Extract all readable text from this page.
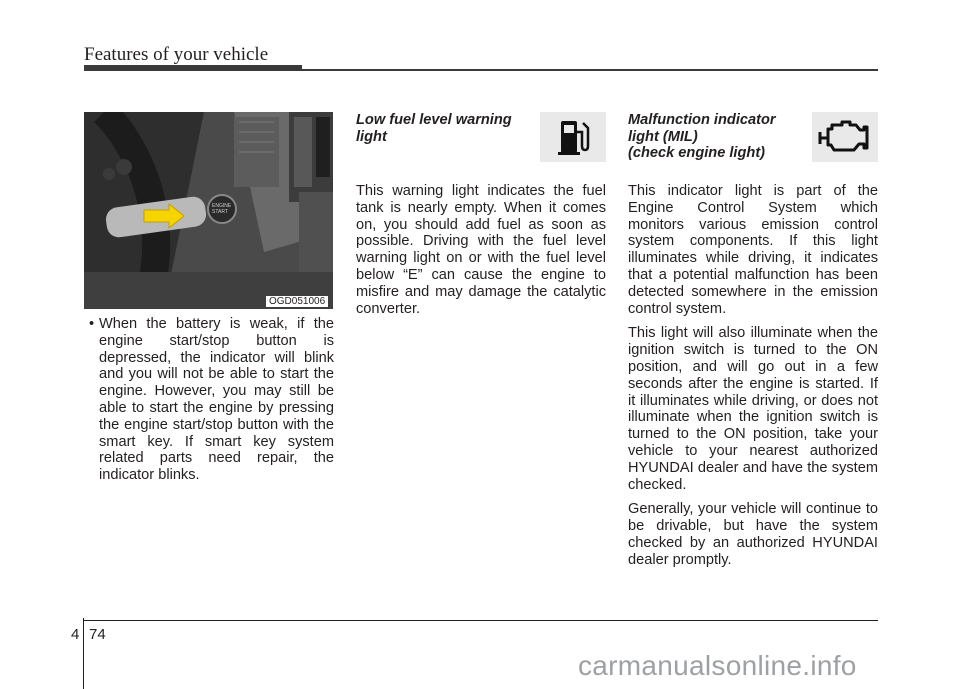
Features of your vehicle
ENGINE
START
OGD051006
• When the battery is weak, if the engine start/stop button is depressed, the indicator will blink and you will not be able to start the engine. However, you may still be able to start the engine by pressing the engine start/stop button with the smart key. If smart key system related parts need repair, the indicator blinks.
Low fuel level warning
light

This warning light indicates the fuel tank is nearly empty. When it comes on, you should add fuel as soon as possible. Driving with the fuel level warning light on or with the fuel level below “E” can cause the engine to misfire and may damage the catalytic converter.

Malfunction indicator
light (MIL)
(check engine light)

This indicator light is part of the Engine Control System which monitors various emission control system components. If this light illuminates while driving, it indicates that a potential malfunction has been detected somewhere in the emission control system.

This light will also illuminate when the ignition switch is turned to the ON position, and will go out in a few seconds after the engine is started. If it illuminates while driving, or does not illuminate when the ignition switch is turned to the ON position, take your vehicle to your nearest authorized HYUNDAI dealer and have the system checked.

Generally, your vehicle will continue to be drivable, but have the system checked by an authorized HYUNDAI dealer promptly.

4 74
carmanualsonline.info
